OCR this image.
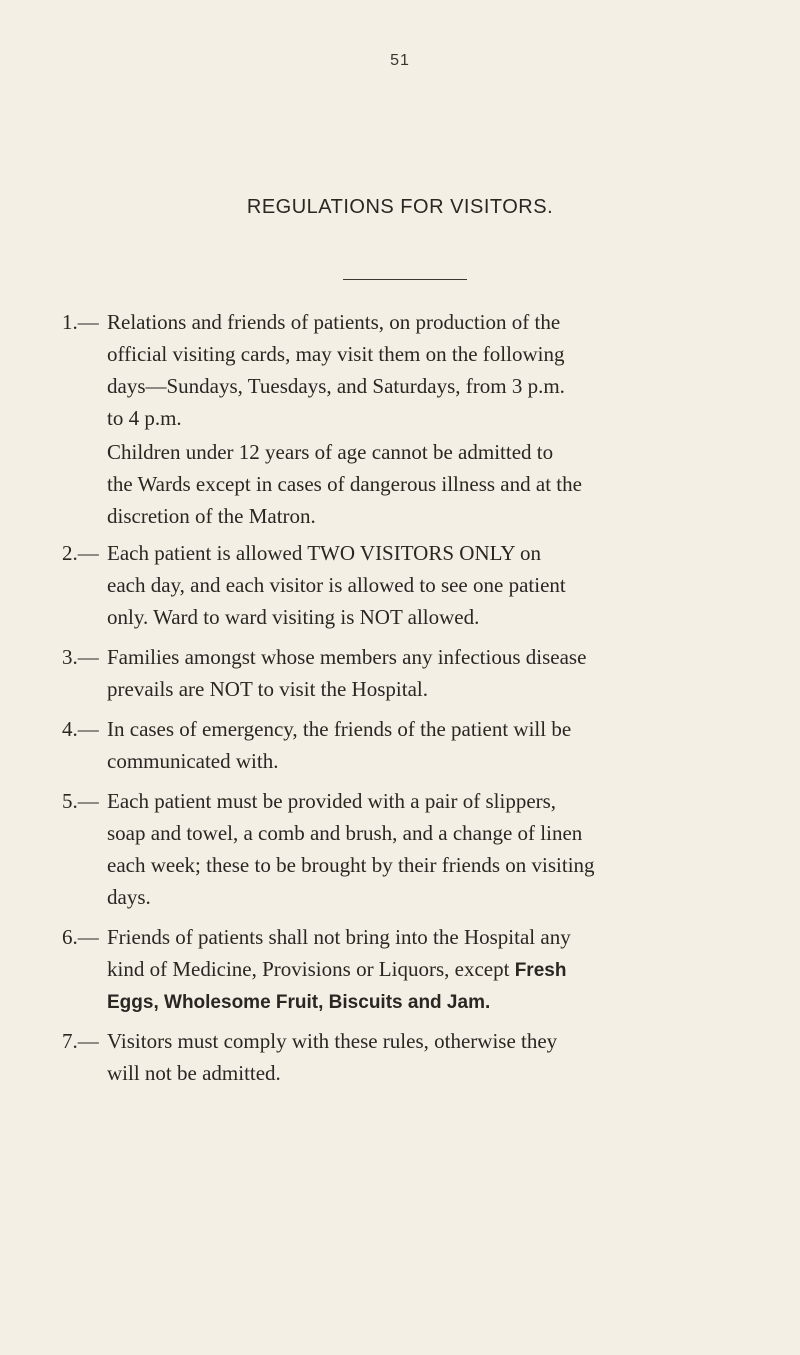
51
REGULATIONS FOR VISITORS.
1.— Relations and friends of patients, on production of the
official visiting cards, may visit them on the following
days—Sundays, Tuesdays, and Saturdays, from 3 p.m.
to 4 p.m.
Children under 12 years of age cannot be admitted to
the Wards except in cases of dangerous illness and at the
discretion of the Matron.
2.— Each patient is allowed TWO VISITORS ONLY on
each day, and each visitor is allowed to see one patient
only. Ward to ward visiting is NOT allowed.
3.— Families amongst whose members any infectious disease
prevails are NOT to visit the Hospital.
4.— In cases of emergency, the friends of the patient will be
communicated with.
5.— Each patient must be provided with a pair of slippers,
soap and towel, a comb and brush, and a change of linen
each week; these to be brought by their friends on visiting
days.
6.— Friends of patients shall not bring into the Hospital any
kind of Medicine, Provisions or Liquors, except Fresh
Eggs, Wholesome Fruit, Biscuits and Jam.
7.— Visitors must comply with these rules, otherwise they
will not be admitted.
